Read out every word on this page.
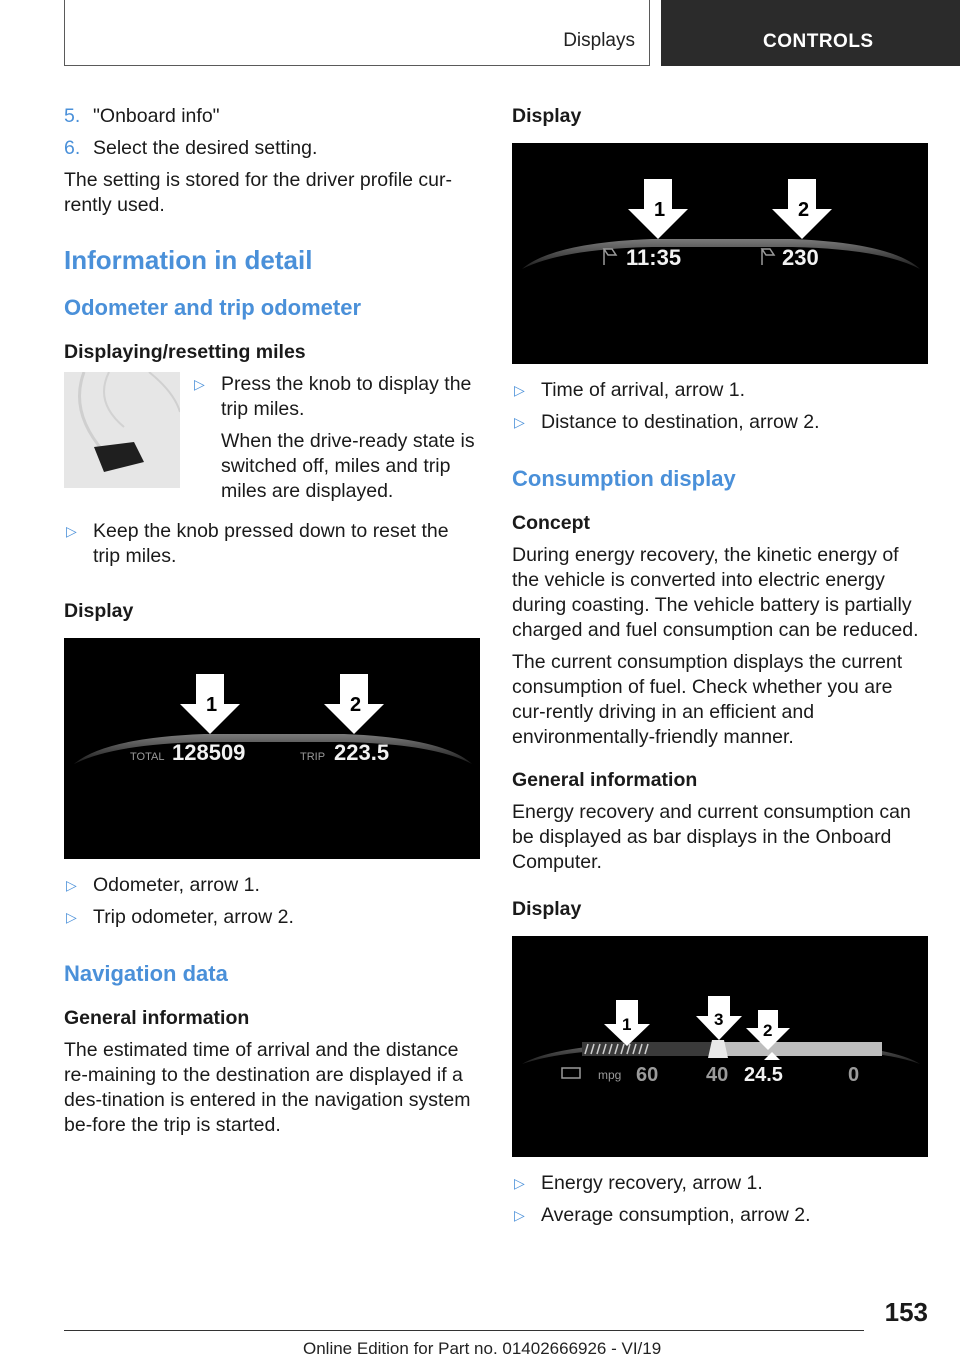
Displays	CONTROLS
5. "Onboard info"
6. Select the desired setting.

The setting is stored for the driver profile cur-rently used.

Information in detail
Odometer and trip odometer
Displaying/resetting miles
▷ Press the knob to display the trip miles.

When the drive-ready state is switched off, miles and trip miles are displayed.

▷ Keep the knob pressed down to reset the trip miles.
Display
1	2
TOTAL 128509	TRIP 223.5
▷ Odometer, arrow 1.
▷ Trip odometer, arrow 2.
Navigation data
General information

The estimated time of arrival and the distance re-maining to the destination are displayed if a des-tination is entered in the navigation system be-fore the trip is started.

Display
1	2
11:35	230
▷ Time of arrival, arrow 1.
▷ Distance to destination, arrow 2.
Consumption display
Concept

During energy recovery, the kinetic energy of the vehicle is converted into electric energy during coasting. The vehicle battery is partially charged and fuel consumption can be reduced.

The current consumption displays the current consumption of fuel. Check whether you are cur-rently driving in an efficient and environmentally-friendly manner.

General information

Energy recovery and current consumption can be displayed as bar displays in the Onboard Computer.

Display
1	3
2
mpg 60 40 24.5	0
▷ Energy recovery, arrow 1.
▷ Average consumption, arrow 2.
153
Online Edition for Part no. 01402666926 - VI/19
